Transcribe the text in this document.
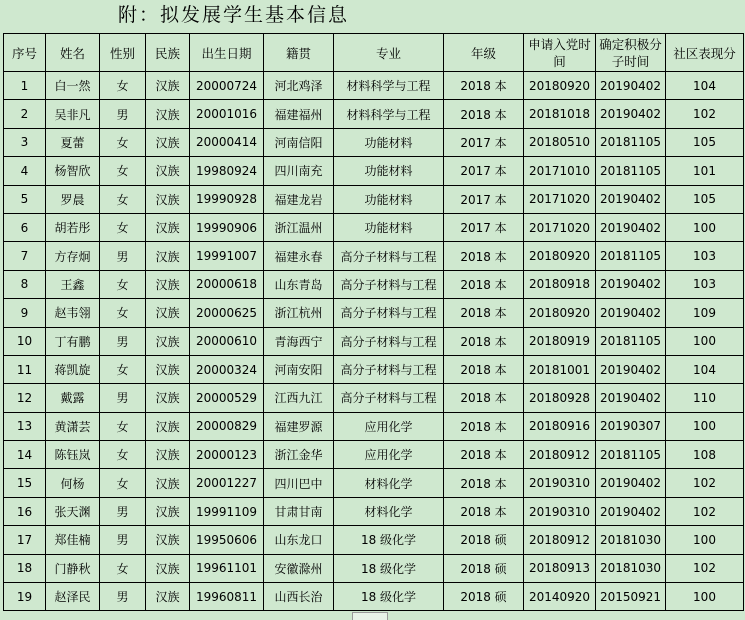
附：拟发展学生基本信息
序号	姓名	性别	民族	出生日期	籍贯	专业	年级	申请入党时间	确定积极分子时间	社区表现分
1	白一然	女	汉族	20000724	河北鸡泽	材料科学与工程	2018 本	20180920	20190402	104
2	吴非凡	男	汉族	20001016	福建福州	材料科学与工程	2018 本	20181018	20190402	102
3	夏蕾	女	汉族	20000414	河南信阳	功能材料	2017 本	20180510	20181105	105
4	杨智欣	女	汉族	19980924	四川南充	功能材料	2017 本	20171010	20181105	101
5	罗晨	女	汉族	19990928	福建龙岩	功能材料	2017 本	20171020	20190402	105
6	胡若彤	女	汉族	19990906	浙江温州	功能材料	2017 本	20171020	20190402	100
7	方存炯	男	汉族	19991007	福建永春	高分子材料与工程	2018 本	20180920	20181105	103
8	王鑫	女	汉族	20000618	山东青岛	高分子材料与工程	2018 本	20180918	20190402	103
9	赵韦翎	女	汉族	20000625	浙江杭州	高分子材料与工程	2018 本	20180920	20190402	109
10	丁有鹏	男	汉族	20000610	青海西宁	高分子材料与工程	2018 本	20180919	20181105	100
11	蒋凯旋	女	汉族	20000324	河南安阳	高分子材料与工程	2018 本	20181001	20190402	104
12	戴露	男	汉族	20000529	江西九江	高分子材料与工程	2018 本	20180928	20190402	110
13	黄潇芸	女	汉族	20000829	福建罗源	应用化学	2018 本	20180916	20190307	100
14	陈钰岚	女	汉族	20000123	浙江金华	应用化学	2018 本	20180912	20181105	108
15	何杨	女	汉族	20001227	四川巴中	材料化学	2018 本	20190310	20190402	102
16	张天渊	男	汉族	19991109	甘肃甘南	材料化学	2018 本	20190310	20190402	102
17	郑佳楠	男	汉族	19950606	山东龙口	18 级化学	2018 硕	20180912	20181030	100
18	门静秋	女	汉族	19961101	安徽滁州	18 级化学	2018 硕	20180913	20181030	102
19	赵泽民	男	汉族	19960811	山西长治	18 级化学	2018 硕	20140920	20150921	100
